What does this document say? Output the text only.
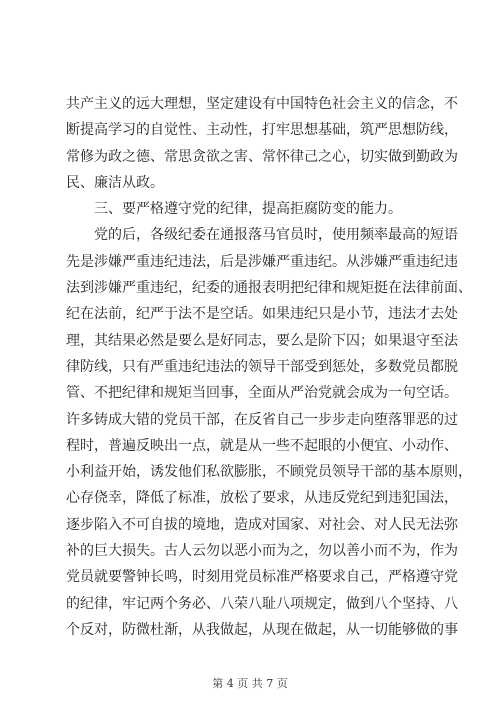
共产主义的远大理想，坚定建设有中国特色社会主义的信念，不
断提高学习的自觉性、主动性，打牢思想基础，筑严思想防线，
常修为政之德、常思贪欲之害、常怀律己之心，切实做到勤政为
民、廉洁从政。
三、要严格遵守党的纪律，提高拒腐防变的能力。
党的后，各级纪委在通报落马官员时，使用频率最高的短语
先是涉嫌严重违纪违法，后是涉嫌严重违纪。从涉嫌严重违纪违
法到涉嫌严重违纪，纪委的通报表明把纪律和规矩挺在法律前面、
纪在法前，纪严于法不是空话。如果违纪只是小节，违法才去处
理，其结果必然是要么是好同志，要么是阶下囚；如果退守至法
律防线，只有严重违纪违法的领导干部受到惩处，多数党员都脱
管、不把纪律和规矩当回事，全面从严治党就会成为一句空话。
许多铸成大错的党员干部，在反省自己一步步走向堕落罪恶的过
程时，普遍反映出一点，就是从一些不起眼的小便宜、小动作、
小利益开始，诱发他们私欲膨胀，不顾党员领导干部的基本原则，
心存侥幸，降低了标准，放松了要求，从违反党纪到违犯国法，
逐步陷入不可自拔的境地，造成对国家、对社会、对人民无法弥
补的巨大损失。古人云勿以恶小而为之，勿以善小而不为，作为
党员就要警钟长鸣，时刻用党员标准严格要求自己，严格遵守党
的纪律，牢记两个务必、八荣八耻八项规定，做到八个坚持、八
个反对，防微杜渐，从我做起，从现在做起，从一切能够做的事
第 4 页 共 7 页
